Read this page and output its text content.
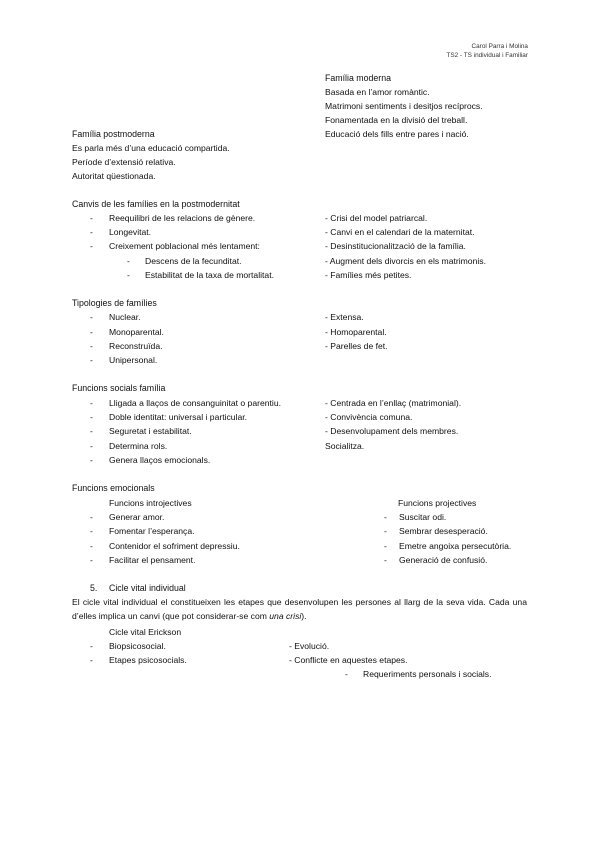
Carol Parra i Molina
TS2 - TS individual i Familiar
Família moderna
Basada en l’amor romàntic.
Matrimoni sentiments i desitjos recíprocs.
Fonamentada en la divisió del treball.
Educació dels fills entre pares i nació.
Família postmoderna
Es parla més d’una educació compartida.
Període d’extensió relativa.
Autoritat qüestionada.
Canvis de les famílies en la postmodernitat
- Reequilibri de les relacions de gènere.
- Longevitat.
- Creixement poblacional més lentament:
- Descens de la fecunditat.
- Estabilitat de la taxa de mortalitat.
- Crisi del model patriarcal.
- Canvi en el calendari de la maternitat.
- Desinstitucionalització de la família.
- Augment dels divorcis en els matrimonis.
- Famílies més petites.
Tipologies de famílies
- Nuclear.
- Monoparental.
- Reconstruïda.
- Unipersonal.
- Extensa.
- Homoparental.
- Parelles de fet.
Funcions socials família
- Lligada a llaços de consanguinitat o parentiu.
- Doble identitat: universal i particular.
- Seguretat i estabilitat.
- Determina rols.
- Genera llaços emocionals.
- Centrada en l’enllaç (matrimonial).
- Convivència comuna.
- Desenvolupament dels membres.
Socialitza.
Funcions emocionals
Funcions introjectives	Funcions projectives
- Generar amor.
- Fomentar l’esperança.
- Contenidor el sofriment depressiu.
- Facilitar el pensament.
- Suscitar odi.
- Sembrar desesperació.
- Emetre angoixa persecutòria.
- Generació de confusió.
5. Cicle vital individual
El cicle vital individual el constitueixen les etapes que desenvolupen les persones al llarg de la seva vida. Cada una d’elles implica un canvi (que pot considerar-se com una crisi).
Cicle vital Erickson
- Biopsicosocial.
- Etapes psicosocials.
- Evolució.
- Conflicte en aquestes etapes.
- Requeriments personals i socials.
